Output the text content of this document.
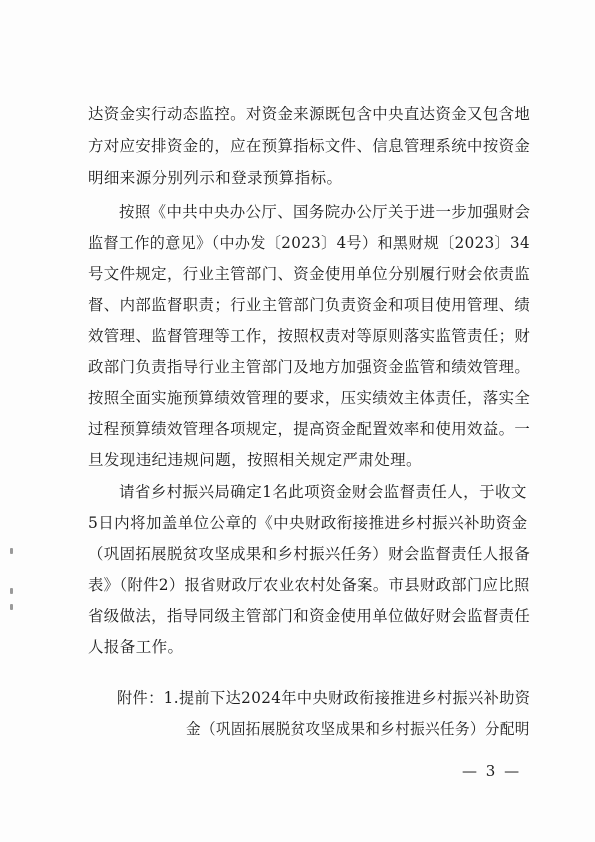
达资金实行动态监控。对资金来源既包含中央直达资金又包含地
方对应安排资金的，应在预算指标文件、信息管理系统中按资金
明细来源分别列示和登录预算指标。
按照《中共中央办公厅、国务院办公厅关于进一步加强财会
监督工作的意见》（中办发〔2023〕4号）和黑财规〔2023〕34
号文件规定，行业主管部门、资金使用单位分别履行财会依责监
督、内部监督职责；行业主管部门负责资金和项目使用管理、绩
效管理、监督管理等工作，按照权责对等原则落实监管责任；财
政部门负责指导行业主管部门及地方加强资金监管和绩效管理。
按照全面实施预算绩效管理的要求，压实绩效主体责任，落实全
过程预算绩效管理各项规定，提高资金配置效率和使用效益。一
旦发现违纪违规问题，按照相关规定严肃处理。
请省乡村振兴局确定1名此项资金财会监督责任人，于收文
5日内将加盖单位公章的《中央财政衔接推进乡村振兴补助资金
（巩固拓展脱贫攻坚成果和乡村振兴任务）财会监督责任人报备
表》（附件2）报省财政厅农业农村处备案。市县财政部门应比照
省级做法，指导同级主管部门和资金使用单位做好财会监督责任
人报备工作。
附件：1.提前下达2024年中央财政衔接推进乡村振兴补助资
金（巩固拓展脱贫攻坚成果和乡村振兴任务）分配明
— 3 —
